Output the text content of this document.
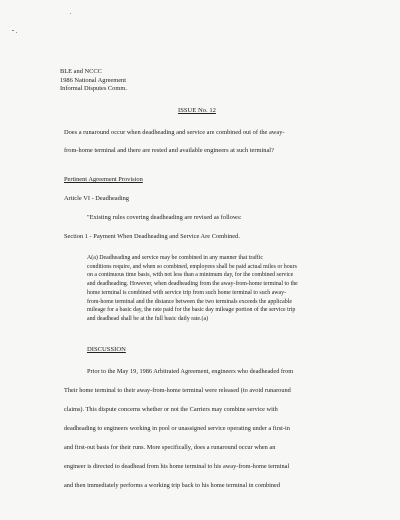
BLE and NCCC
1986 National Agreement
Informal Disputes Comm.
ISSUE No. 12
Does a runaround occur when deadheading and service are combined out of the away-
from-home terminal and there are rested and available engineers at such terminal?
Pertinent Agreement Provision
Article VI - Deadheading
"Existing rules covering deadheading are revised as follows:
Section 1 - Payment When Deadheading and Service Are Combined.
A(a) Deadheading and service may be combined in any manner that traffic
conditions require, and when so combined, employees shall be paid actual miles or hours
on a continuous time basis, with not less than a minimum day, for the combined service
and deadheading. However, when deadheading from the away-from-home terminal to the
home terminal is combined with service trip from such home terminal to such away-
from-home terminal and the distance between the two terminals exceeds the applicable
mileage for a basic day, the rate paid for the basic day mileage portion of the service trip
and deadhead shall be at the full basic daily rate.(a)
DISCUSSION
Prior to the May 19, 1986 Arbitrated Agreement, engineers who deadheaded from
Their home terminal to their away-from-home terminal were released (to avoid runaround
claims). This dispute concerns whether or not the Carriers may combine service with
deadheading to engineers working in pool or unassigned service operating under a first-in
and first-out basis for their runs. More specifically, does a runaround occur when an
engineer is directed to deadhead from his home terminal to his away-from-home terminal
and then immediately performs a working trip back to his home terminal in combined
